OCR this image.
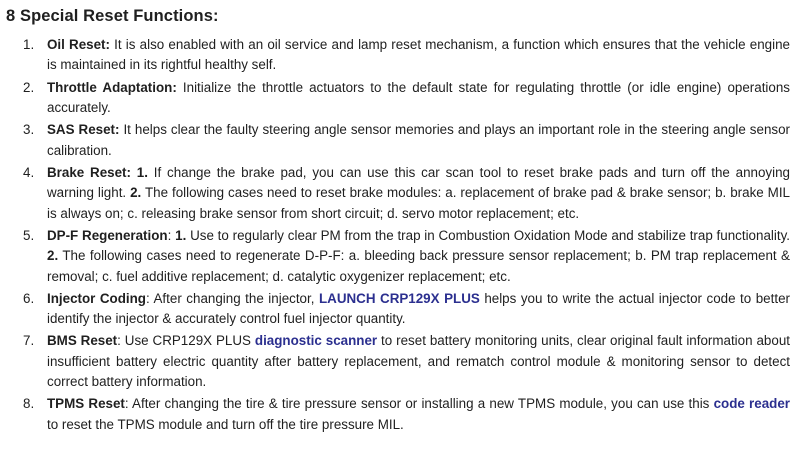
8 Special Reset Functions:
1. Oil Reset: It is also enabled with an oil service and lamp reset mechanism, a function which ensures that the vehicle engine is maintained in its rightful healthy self.
2. Throttle Adaptation: Initialize the throttle actuators to the default state for regulating throttle (or idle engine) operations accurately.
3. SAS Reset: It helps clear the faulty steering angle sensor memories and plays an important role in the steering angle sensor calibration.
4. Brake Reset: 1. If change the brake pad, you can use this car scan tool to reset brake pads and turn off the annoying warning light. 2. The following cases need to reset brake modules: a. replacement of brake pad & brake sensor; b. brake MIL is always on; c. releasing brake sensor from short circuit; d. servo motor replacement; etc.
5. DP-F Regeneration: 1. Use to regularly clear PM from the trap in Combustion Oxidation Mode and stabilize trap functionality. 2. The following cases need to regenerate D-P-F: a. bleeding back pressure sensor replacement; b. PM trap replacement & removal; c. fuel additive replacement; d. catalytic oxygenizer replacement; etc.
6. Injector Coding: After changing the injector, LAUNCH CRP129X PLUS helps you to write the actual injector code to better identify the injector & accurately control fuel injector quantity.
7. BMS Reset: Use CRP129X PLUS diagnostic scanner to reset battery monitoring units, clear original fault information about insufficient battery electric quantity after battery replacement, and rematch control module & monitoring sensor to detect correct battery information.
8. TPMS Reset: After changing the tire & tire pressure sensor or installing a new TPMS module, you can use this code reader to reset the TPMS module and turn off the tire pressure MIL.
